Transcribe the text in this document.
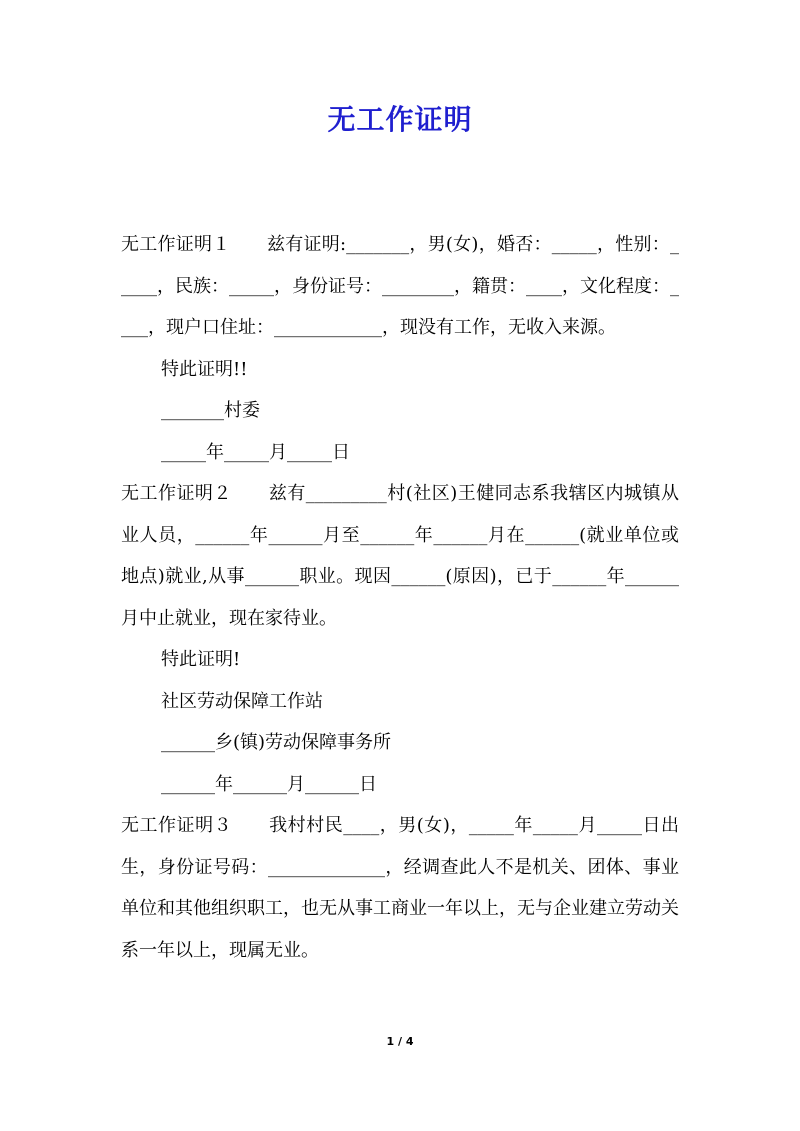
无工作证明

无工作证明１　　兹有证明:_______，男(女)，婚否：_____，性别：_____，民族：_____，身份证号：________，籍贯：____，文化程度：____，现户口住址：____________，现没有工作，无收入来源。

特此证明!!

_______村委

_____年_____月_____日

无工作证明２　　兹有_________村(社区)王健同志系我辖区内城镇从业人员，______年______月至______年______月在______(就业单位或地点)就业,从事______职业。现因______(原因)，已于______年______月中止就业，现在家待业。

特此证明!

社区劳动保障工作站

______乡(镇)劳动保障事务所

______年______月______日

无工作证明３　　我村村民____，男(女)，_____年_____月_____日出生，身份证号码：_____________，经调查此人不是机关、团体、事业单位和其他组织职工，也无从事工商业一年以上，无与企业建立劳动关系一年以上，现属无业。

1 / 4
